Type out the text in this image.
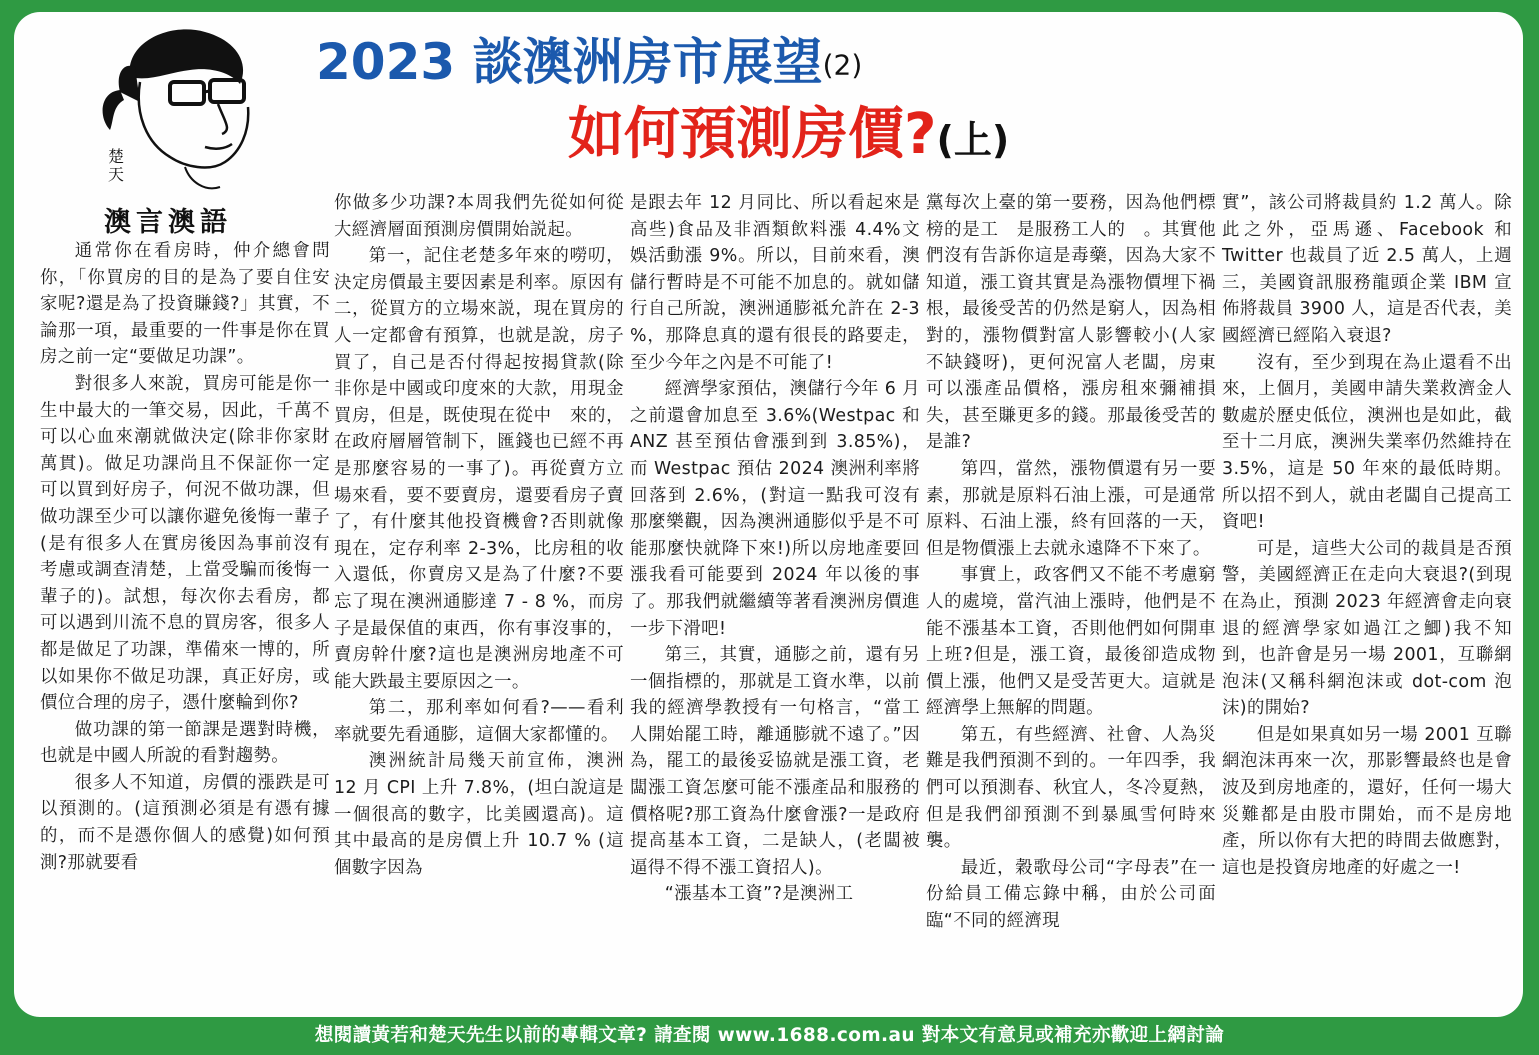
楚天
澳言澳語
2023 談澳洲房市展望(2)
如何預測房價?(上)

通常你在看房時，仲介總會問你，「你買房的目的是為了要自住安家呢?還是為了投資賺錢?」其實，不論那一項，最重要的一件事是你在買房之前一定“要做足功課”。

對很多人來說，買房可能是你一生中最大的一筆交易，因此，千萬不可以心血來潮就做決定(除非你家財萬貫)。做足功課尚且不保証你一定可以買到好房子，何況不做功課，但做功課至少可以讓你避免後悔一輩子(是有很多人在實房後因為事前沒有考慮或調查清楚，上當受騙而後悔一輩子的)。試想，每次你去看房，都可以遇到川流不息的買房客，很多人都是做足了功課，準備來一博的，所以如果你不做足功課，真正好房，或價位合理的房子，憑什麼輪到你?

做功課的第一節課是選對時機，也就是中國人所說的看對趨勢。

很多人不知道，房價的漲跌是可以預測的。(這預測必須是有憑有據的，而不是憑你個人的感覺)如何預測?那就要看

你做多少功課?本周我們先從如何從大經濟層面預測房價開始説起。

第一，記住老楚多年來的嘮叨，決定房價最主要因素是利率。原因有二，從買方的立場來説，現在買房的人一定都會有預算，也就是說，房子買了，自己是否付得起按揭貸款(除非你是中國或印度來的大款，用現金買房，但是，既使現在從中　來的，在政府層層管制下，匯錢也已經不再是那麼容易的一事了)。再從賣方立場來看，要不要賣房，還要看房子賣了，有什麼其他投資機會?否則就像現在，定存利率 2-3%，比房租的收入還低，你賣房又是為了什麼?不要忘了現在澳洲通膨達 7 - 8 %，而房子是最保值的東西，你有事沒事的，賣房幹什麼?這也是澳洲房地產不可能大跌最主要原因之一。

第二，那利率如何看?——看利率就要先看通膨，這個大家都懂的。

澳洲統計局幾天前宣佈，澳洲 12 月 CPI 上升 7.8%，(坦白說這是一個很高的數字，比美國還高)。這其中最高的是房價上升 10.7 % (這個數字因為

是跟去年 12 月同比、所以看起來是高些)食品及非酒類飲料漲 4.4%文娛活動漲 9%。所以，目前來看，澳儲行暫時是不可能不加息的。就如儲行自己所說，澳洲通膨祗允許在 2-3 %，那降息真的還有很長的路要走，至少今年之內是不可能了!

經濟學家預估，澳儲行今年 6 月之前還會加息至 3.6%(Westpac 和 ANZ 甚至預估會漲到到 3.85%)，而 Westpac 預估 2024 澳洲利率將回落到 2.6%，(對這一點我可沒有那麼樂觀，因為澳洲通膨似乎是不可能那麼快就降下來!)所以房地產要回漲我看可能要到 2024 年以後的事了。那我們就繼續等著看澳洲房價進一步下滑吧!

第三，其實，通膨之前，還有另一個指標的，那就是工資水準，以前我的經濟學教授有一句格言，“當工人開始罷工時，離通膨就不遠了。”因為，罷工的最後妥協就是漲工資，老闆漲工資怎麼可能不漲產品和服務的價格呢?那工資為什麼會漲?一是政府提高基本工資，二是缺人，(老闆被逼得不得不漲工資招人)。

“漲基本工資”?是澳洲工

黨每次上臺的第一要務，因為他們標榜的是工　是服務工人的　。其實他們沒有告訴你這是毒藥，因為大家不知道，漲工資其實是為漲物價埋下禍根，最後受苦的仍然是窮人，因為相對的，漲物價對富人影響較小(人家不缺錢呀)，更何況富人老闆，房東可以漲產品價格，漲房租來彌補損失，甚至賺更多的錢。那最後受苦的是誰?

第四，當然，漲物價還有另一要素，那就是原料石油上漲，可是通常原料、石油上漲，終有回落的一天，但是物價漲上去就永遠降不下來了。

事實上，政客們又不能不考慮窮人的處境，當汽油上漲時，他們是不能不漲基本工資，否則他們如何開車上班?但是，漲工資，最後卻造成物價上漲，他們又是受苦更大。這就是經濟學上無解的問題。

第五，有些經濟、社會、人為災難是我們預測不到的。一年四季，我們可以預測春、秋宜人，冬冷夏熱，但是我們卻預測不到暴風雪何時來襲。

最近，穀歌母公司“字母表”在一份給員工備忘錄中稱，由於公司面臨“不同的經濟現

實”，該公司將裁員約 1.2 萬人。除此之外，亞馬遜、Facebook 和 Twitter 也裁員了近 2.5 萬人，上週三，美國資訊服務龍頭企業 IBM 宣佈將裁員 3900 人，這是否代表，美國經濟已經陷入衰退?

沒有，至少到現在為止還看不出來，上個月，美國申請失業救濟金人數處於歷史低位，澳洲也是如此，截至十二月底，澳洲失業率仍然維持在 3.5%，這是 50 年來的最低時期。所以招不到人，就由老闆自己提高工資吧!

可是，這些大公司的裁員是否預警，美國經濟正在走向大衰退?(到現在為止，預測 2023 年經濟會走向衰退的經濟學家如過江之鯽)我不知到，也許會是另一場 2001，互聯網泡沫(又稱科網泡沫或 dot-com 泡沫)的開始?

但是如果真如另一場 2001 互聯網泡沫再來一次，那影響最終也是會波及到房地產的，還好，任何一場大災難都是由股市開始，而不是房地產，所以你有大把的時間去做應對，這也是投資房地產的好處之一!

想閱讀黃若和楚天先生以前的專輯文章? 請查閱 www.1688.com.au 對本文有意見或補充亦歡迎上網討論
